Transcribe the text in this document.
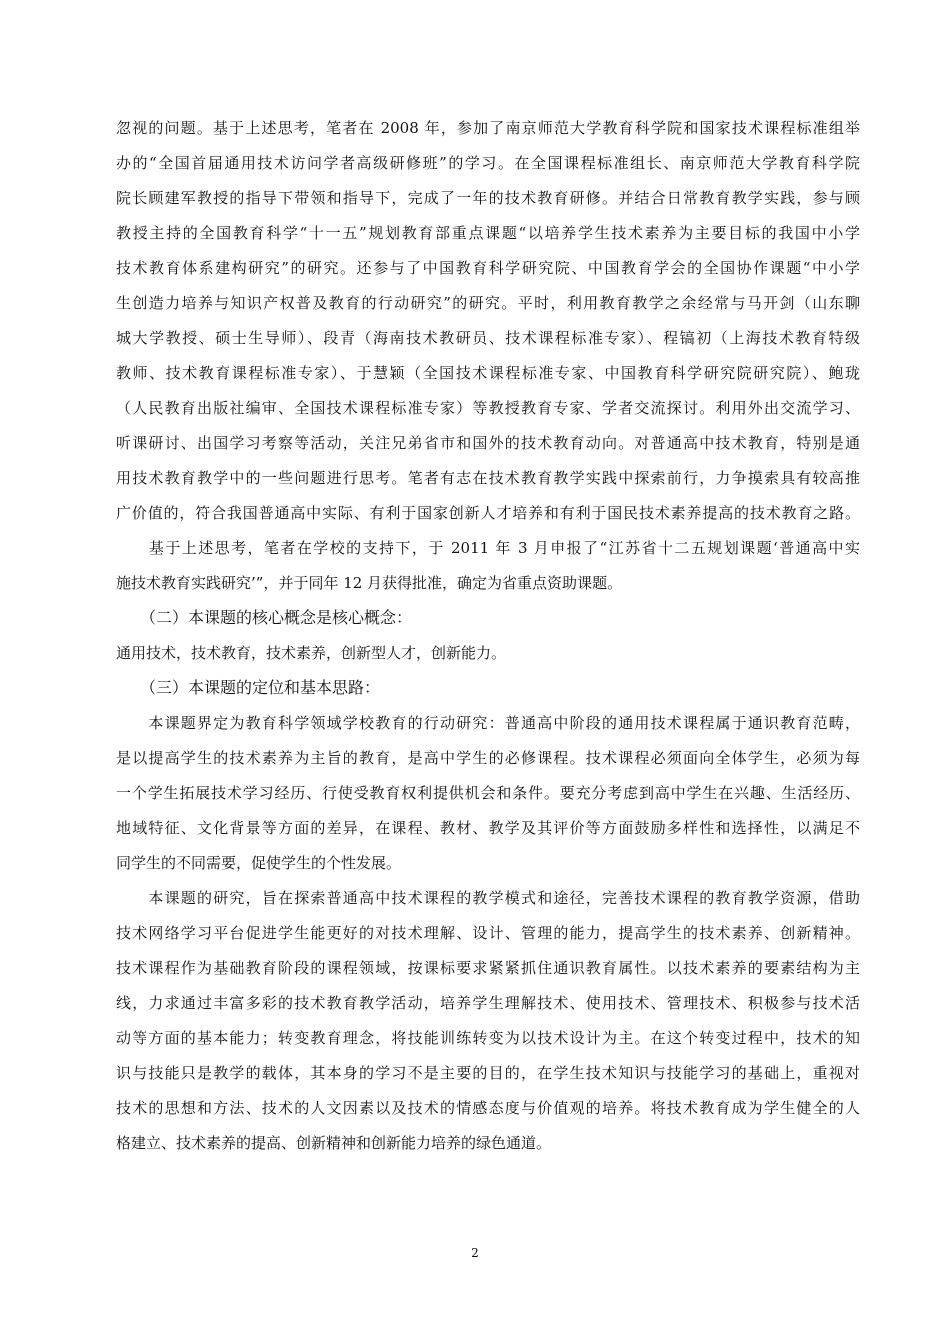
忽视的问题。基于上述思考，笔者在 2008 年，参加了南京师范大学教育科学院和国家技术课程标准组举
办的“全国首届通用技术访问学者高级研修班”的学习。在全国课程标准组长、南京师范大学教育科学院
院长顾建军教授的指导下带领和指导下，完成了一年的技术教育研修。并结合日常教育教学实践，参与顾
教授主持的全国教育科学“十一五”规划教育部重点课题“以培养学生技术素养为主要目标的我国中小学
技术教育体系建构研究”的研究。还参与了中国教育科学研究院、中国教育学会的全国协作课题“中小学
生创造力培养与知识产权普及教育的行动研究”的研究。平时，利用教育教学之余经常与马开剑（山东聊
城大学教授、硕士生导师）、段青（海南技术教研员、技术课程标准专家）、程镐初（上海技术教育特级
教师、技术教育课程标准专家）、于慧颖（全国技术课程标准专家、中国教育科学研究院研究院）、鲍珑
（人民教育出版社编审、全国技术课程标准专家）等教授教育专家、学者交流探讨。利用外出交流学习、
听课研讨、出国学习考察等活动，关注兄弟省市和国外的技术教育动向。对普通高中技术教育，特别是通
用技术教育教学中的一些问题进行思考。笔者有志在技术教育教学实践中探索前行，力争摸索具有较高推
广价值的，符合我国普通高中实际、有利于国家创新人才培养和有利于国民技术素养提高的技术教育之路。
　　基于上述思考，笔者在学校的支持下，于 2011 年 3 月申报了“江苏省十二五规划课题‘普通高中实
施技术教育实践研究’”，并于同年 12 月获得批准，确定为省重点资助课题。
　　（二）本课题的核心概念是核心概念：
通用技术，技术教育，技术素养，创新型人才，创新能力。
　　（三）本课题的定位和基本思路：
　　本课题界定为教育科学领域学校教育的行动研究：普通高中阶段的通用技术课程属于通识教育范畴，
是以提高学生的技术素养为主旨的教育，是高中学生的必修课程。技术课程必须面向全体学生，必须为每
一个学生拓展技术学习经历、行使受教育权利提供机会和条件。要充分考虑到高中学生在兴趣、生活经历、
地域特征、文化背景等方面的差异，在课程、教材、教学及其评价等方面鼓励多样性和选择性，以满足不
同学生的不同需要，促使学生的个性发展。
　　本课题的研究，旨在探索普通高中技术课程的教学模式和途径，完善技术课程的教育教学资源，借助
技术网络学习平台促进学生能更好的对技术理解、设计、管理的能力，提高学生的技术素养、创新精神。
技术课程作为基础教育阶段的课程领域，按课标要求紧紧抓住通识教育属性。以技术素养的要素结构为主
线，力求通过丰富多彩的技术教育教学活动，培养学生理解技术、使用技术、管理技术、积极参与技术活
动等方面的基本能力；转变教育理念，将技能训练转变为以技术设计为主。在这个转变过程中，技术的知
识与技能只是教学的载体，其本身的学习不是主要的目的，在学生技术知识与技能学习的基础上，重视对
技术的思想和方法、技术的人文因素以及技术的情感态度与价值观的培养。将技术教育成为学生健全的人
格建立、技术素养的提高、创新精神和创新能力培养的绿色通道。
2
